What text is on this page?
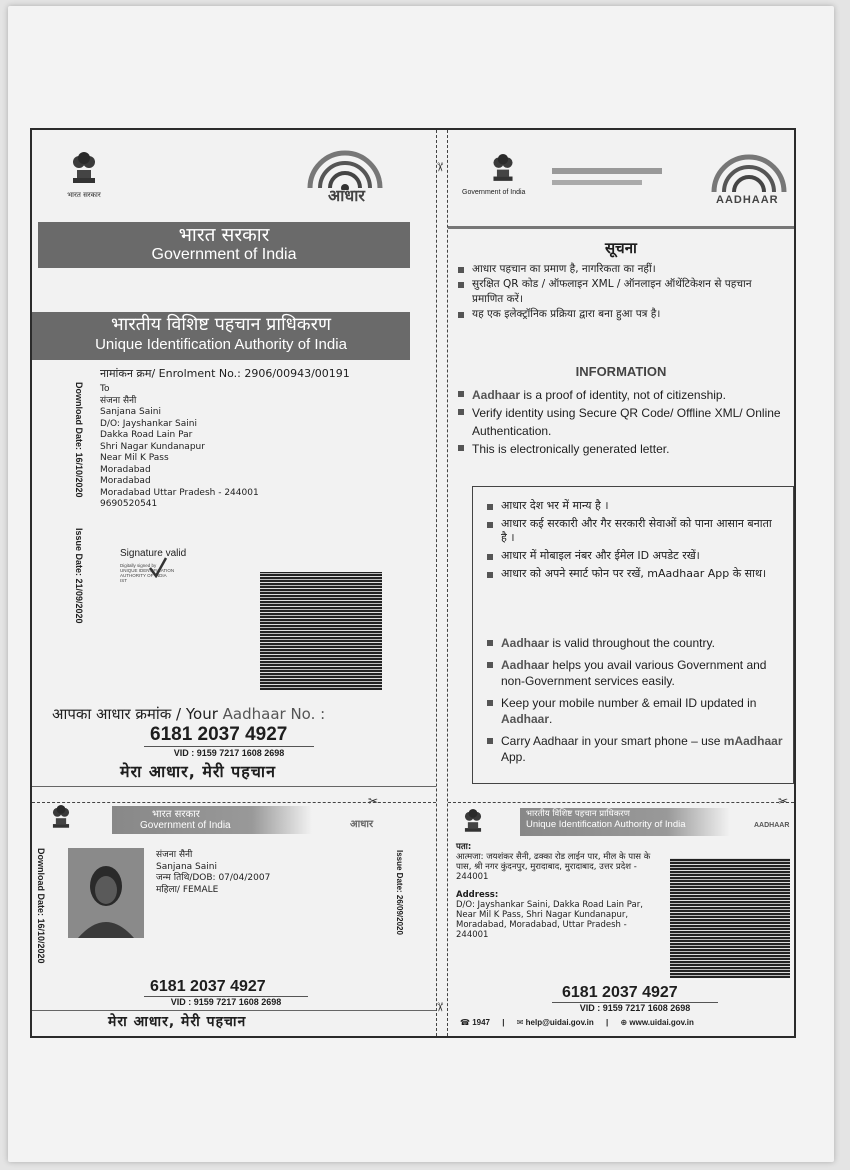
भारत सरकार	आधार
भारत सरकार
Government of India
भारतीय विशिष्ट पहचान प्राधिकरण
Unique Identification Authority of India
नामांकन क्रम/ Enrolment No.: 2906/00943/00191
Download Date: 16/10/2020
Issue Date: 21/09/2020
To
संजना सैनी
Sanjana Saini
D/O: Jayshankar Saini
Dakka Road Lain Par
Shri Nagar Kundanapur
Near Mil K Pass
Moradabad
Moradabad
Moradabad Uttar Pradesh - 244001
9690520541
Signature valid
Digitally signed by
UNIQUE IDENTIFICATION
AUTHORITY OF INDIA
IST
आपका आधार क्रमांक / Your Aadhaar No. :
6181 2037 4927
VID : 9159 7217 1608 2698
मेरा आधार, मेरी पहचान
✂
भारत सरकार
Government of India	आधार
Download Date: 16/10/2020	Issue Date: 26/09/2020
संजना सैनी
Sanjana Saini
जन्म तिथि/DOB: 07/04/2007
महिला/ FEMALE
6181 2037 4927
VID : 9159 7217 1608 2698
मेरा आधार, मेरी पहचान
✂
✂
Government of India
AADHAAR
सूचना
आधार पहचान का प्रमाण है, नागरिकता का नहीं।
सुरक्षित QR कोड / ऑफलाइन XML / ऑनलाइन ऑथेंटिकेशन से पहचान प्रमाणित करें।
यह एक इलेक्ट्रॉनिक प्रक्रिया द्वारा बना हुआ पत्र है।
INFORMATION
Aadhaar is a proof of identity, not of citizenship.
Verify identity using Secure QR Code/ Offline XML/ Online Authentication.
This is electronically generated letter.
आधार देश भर में मान्य है ।
आधार कई सरकारी और गैर सरकारी सेवाओं को पाना आसान बनाता है ।
आधार में मोबाइल नंबर और ईमेल ID अपडेट रखें।
आधार को अपने स्मार्ट फोन पर रखें, mAadhaar App के साथ।
Aadhaar is valid throughout the country.
Aadhaar helps you avail various Government and non-Government services easily.
Keep your mobile number & email ID updated in Aadhaar.
Carry Aadhaar in your smart phone – use mAadhaar App.
✂
भारतीय विशिष्ट पहचान प्राधिकरण
Unique Identification Authority of India	AADHAAR
पता:
आत्मजा: जयशंकर सैनी, ढक्का रोड लाईन पार, मील के पास के पास, श्री नगर कुंदनपुर, मुरादाबाद, मुरादाबाद, उत्तर प्रदेश - 244001
Address:
D/O: Jayshankar Saini, Dakka Road Lain Par, Near Mil K Pass, Shri Nagar Kundanapur, Moradabad, Moradabad, Uttar Pradesh - 244001
6181 2037 4927
VID : 9159 7217 1608 2698
☎ 1947 | ✉ help@uidai.gov.in | ⊕ www.uidai.gov.in
